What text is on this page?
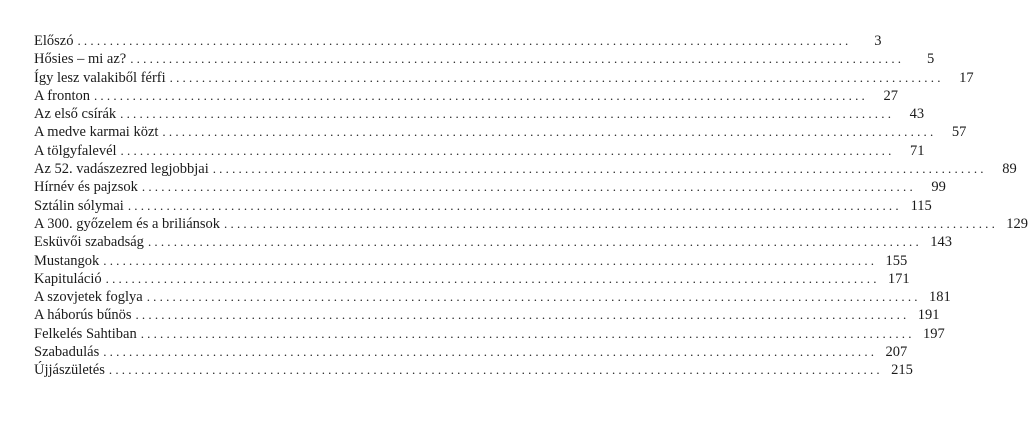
Előszó ........................................................................................................................	3
Hősies – mi az? ........................................................................................................................	5
Így lesz valakiből férfi ........................................................................................................................	17
A fronton ........................................................................................................................	27
Az első csírák ........................................................................................................................	43
A medve karmai közt ........................................................................................................................	57
A tölgyfalevél ........................................................................................................................	71
Az 52. vadászezred legjobbjai ........................................................................................................................	89
Hírnév és pajzsok ........................................................................................................................	99
Sztálin sólymai ........................................................................................................................ 115
A 300. győzelem és a briliánsok ........................................................................................................................ 129
Esküvői szabadság ........................................................................................................................ 143
Mustangok ........................................................................................................................ 155
Kapituláció ........................................................................................................................ 171
A szovjetek foglya ........................................................................................................................ 181
A háborús bűnös ........................................................................................................................ 191
Felkelés Sahtiban ........................................................................................................................ 197
Szabadulás ........................................................................................................................ 207
Újjászületés ........................................................................................................................ 215
